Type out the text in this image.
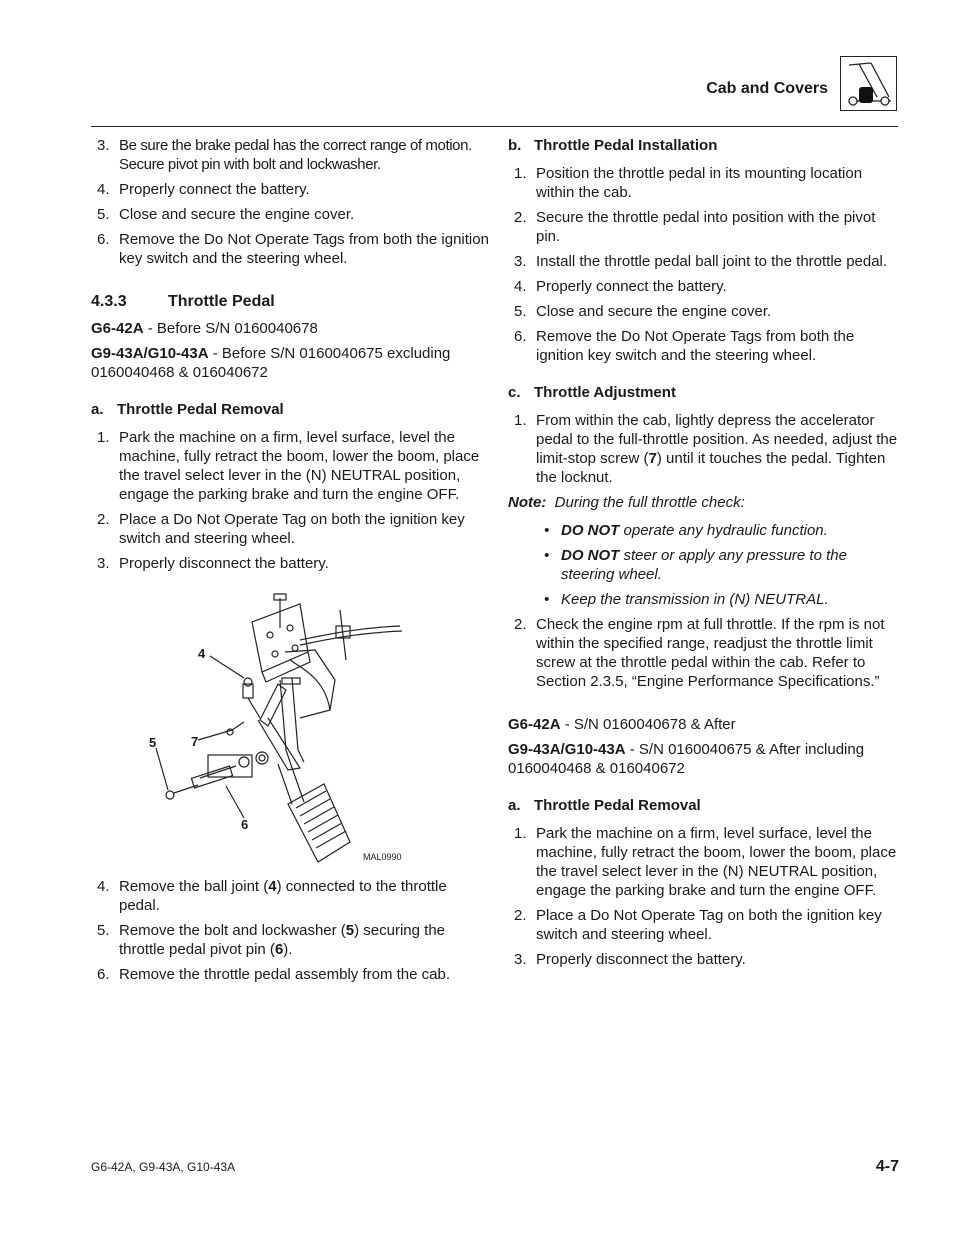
Cab and Covers
3. Be sure the brake pedal has the correct range of motion. Secure pivot pin with bolt and lockwasher.
4. Properly connect the battery.
5. Close and secure the engine cover.
6. Remove the Do Not Operate Tags from both the ignition key switch and the steering wheel.
4.3.3	Throttle Pedal
G6-42A - Before S/N 0160040678
G9-43A/G10-43A - Before S/N 0160040675 excluding 0160040468 & 016040672
a. Throttle Pedal Removal
1. Park the machine on a firm, level surface, level the machine, fully retract the boom, lower the boom, place the travel select lever in the (N) NEUTRAL position, engage the parking brake and turn the engine OFF.
2. Place a Do Not Operate Tag on both the ignition key switch and steering wheel.
3. Properly disconnect the battery.
4
7
5
6
MAL0990
4. Remove the ball joint (4) connected to the throttle pedal.
5. Remove the bolt and lockwasher (5) securing the throttle pedal pivot pin (6).
6. Remove the throttle pedal assembly from the cab.
b. Throttle Pedal Installation
1. Position the throttle pedal in its mounting location within the cab.
2. Secure the throttle pedal into position with the pivot pin.
3. Install the throttle pedal ball joint to the throttle pedal.
4. Properly connect the battery.
5. Close and secure the engine cover.
6. Remove the Do Not Operate Tags from both the ignition key switch and the steering wheel.
c. Throttle Adjustment
1. From within the cab, lightly depress the accelerator pedal to the full-throttle position. As needed, adjust the limit-stop screw (7) until it touches the pedal. Tighten the locknut.
Note: During the full throttle check:
• DO NOT operate any hydraulic function.
• DO NOT steer or apply any pressure to the steering wheel.
• Keep the transmission in (N) NEUTRAL.
2. Check the engine rpm at full throttle. If the rpm is not within the specified range, readjust the throttle limit screw at the throttle pedal within the cab. Refer to Section 2.3.5, “Engine Performance Specifications.”
G6-42A - S/N 0160040678 & After
G9-43A/G10-43A - S/N 0160040675 & After including 0160040468 & 016040672
a. Throttle Pedal Removal
1. Park the machine on a firm, level surface, level the machine, fully retract the boom, lower the boom, place the travel select lever in the (N) NEUTRAL position, engage the parking brake and turn the engine OFF.
2. Place a Do Not Operate Tag on both the ignition key switch and steering wheel.
3. Properly disconnect the battery.
G6-42A, G9-43A, G10-43A	4-7
